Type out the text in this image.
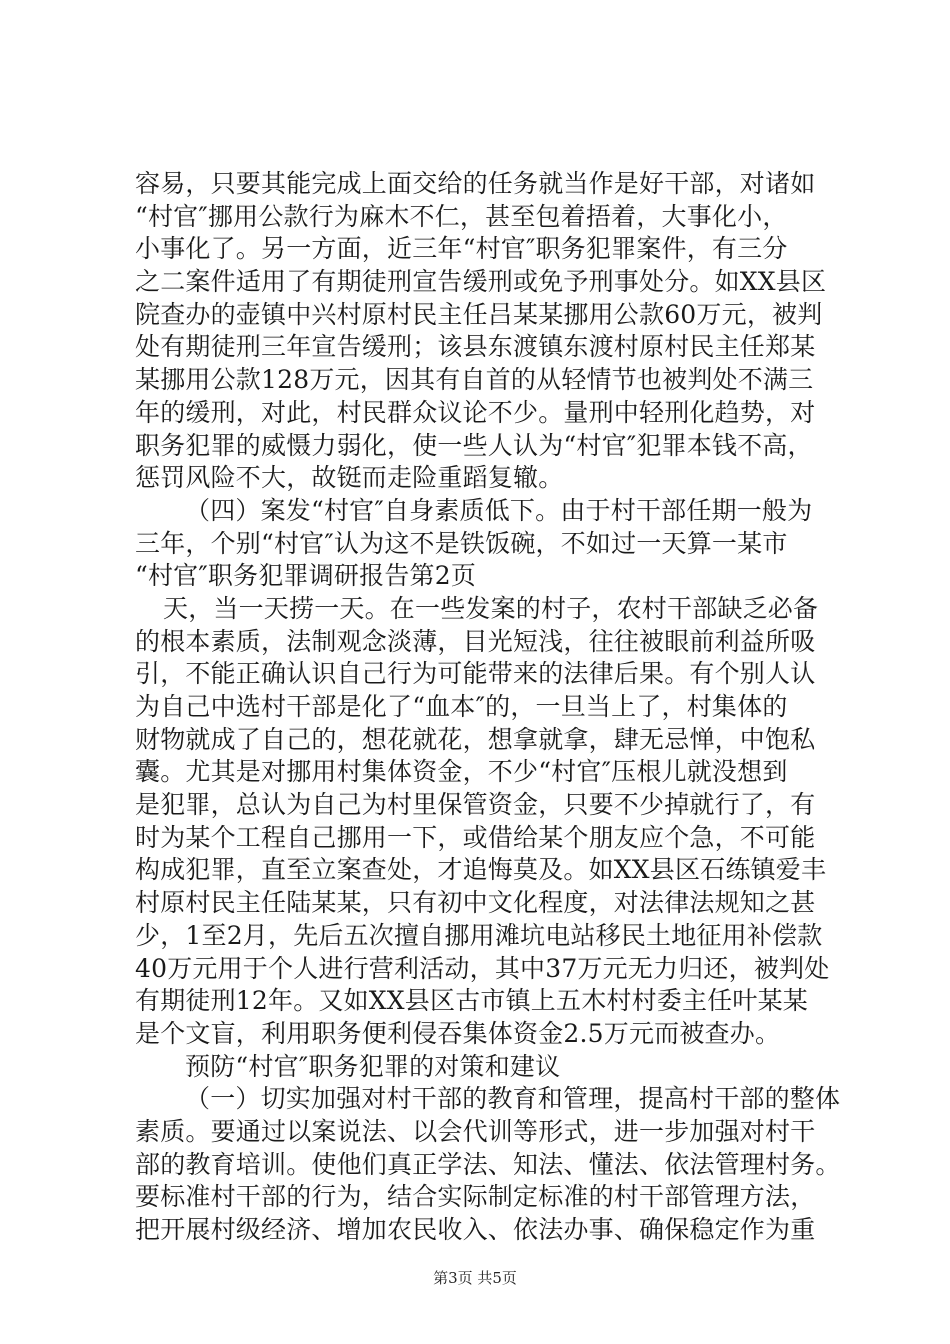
容易，只要其能完成上面交给的任务就当作是好干部，对诸如
“村官″挪用公款行为麻木不仁，甚至包着捂着，大事化小，
小事化了。另一方面，近三年“村官″职务犯罪案件，有三分
之二案件适用了有期徒刑宣告缓刑或免予刑事处分。如XX县区
院查办的壶镇中兴村原村民主任吕某某挪用公款60万元，被判
处有期徒刑三年宣告缓刑；该县东渡镇东渡村原村民主任郑某
某挪用公款128万元，因其有自首的从轻情节也被判处不满三
年的缓刑，对此，村民群众议论不少。量刑中轻刑化趋势，对
职务犯罪的威慑力弱化，使一些人认为“村官″犯罪本钱不高，
惩罚风险不大，故铤而走险重蹈复辙。
（四）案发“村官″自身素质低下。由于村干部任期一般为
三年，个别“村官″认为这不是铁饭碗，不如过一天算一某市
“村官″职务犯罪调研报告第2页
天，当一天捞一天。在一些发案的村子，农村干部缺乏必备
的根本素质，法制观念淡薄，目光短浅，往往被眼前利益所吸
引，不能正确认识自己行为可能带来的法律后果。有个别人认
为自己中选村干部是化了“血本″的，一旦当上了，村集体的
财物就成了自己的，想花就花，想拿就拿，肆无忌惮，中饱私
囊。尤其是对挪用村集体资金，不少“村官″压根儿就没想到
是犯罪，总认为自己为村里保管资金，只要不少掉就行了，有
时为某个工程自己挪用一下，或借给某个朋友应个急，不可能
构成犯罪，直至立案查处，才追悔莫及。如XX县区石练镇爱丰
村原村民主任陆某某，只有初中文化程度，对法律法规知之甚
少，1至2月，先后五次擅自挪用滩坑电站移民土地征用补偿款
40万元用于个人进行营利活动，其中37万元无力归还，被判处
有期徒刑12年。又如XX县区古市镇上五木村村委主任叶某某
是个文盲，利用职务便利侵吞集体资金2.5万元而被查办。
预防“村官″职务犯罪的对策和建议
（一）切实加强对村干部的教育和管理，提高村干部的整体
素质。要通过以案说法、以会代训等形式，进一步加强对村干
部的教育培训。使他们真正学法、知法、懂法、依法管理村务。
要标准村干部的行为，结合实际制定标准的村干部管理方法，
把开展村级经济、增加农民收入、依法办事、确保稳定作为重
第3页 共5页
